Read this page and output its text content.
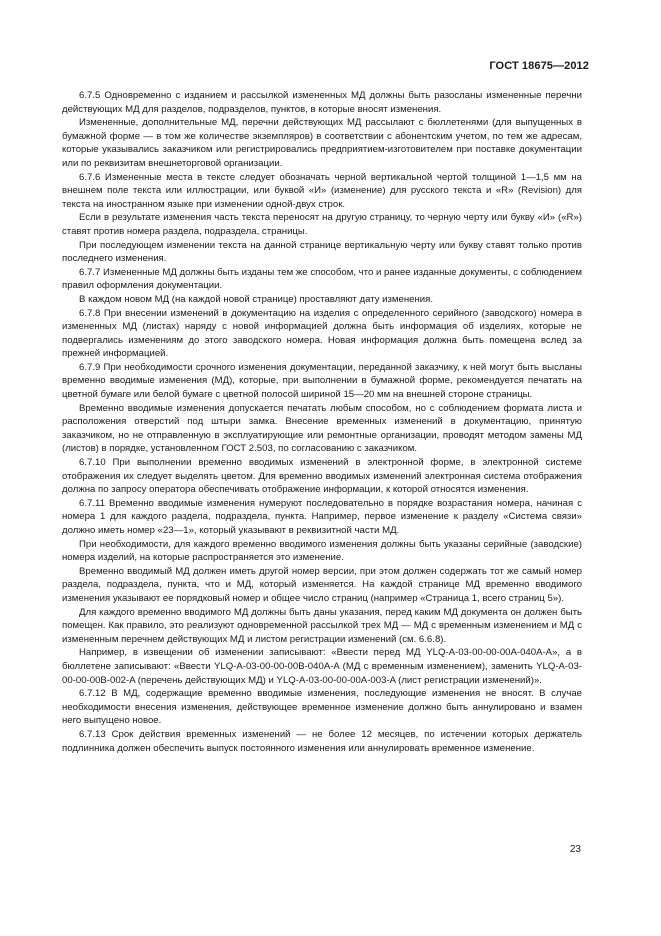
ГОСТ 18675—2012

6.7.5 Одновременно с изданием и рассылкой измененных МД должны быть разосланы измененные перечни действующих МД для разделов, подразделов, пунктов, в которые вносят изменения.

Измененные, дополнительные МД, перечни действующих МД рассылают с бюллетенями (для выпущенных в бумажной форме — в том же количестве экземпляров) в соответствии с абонентским учетом, по тем же адресам, которые указывались заказчиком или регистрировались предприятием-изготовителем при поставке документации или по реквизитам внешнеторговой организации.

6.7.6 Измененные места в тексте следует обозначать черной вертикальной чертой толщиной 1—1,5 мм на внешнем поле текста или иллюстрации, или буквой «И» (изменение) для русского текста и «R» (Revision) для текста на иностранном языке при изменении одной-двух строк.

Если в результате изменения часть текста переносят на другую страницу, то черную черту или букву «И» («R») ставят против номера раздела, подраздела, страницы.

При последующем изменении текста на данной странице вертикальную черту или букву ставят только против последнего изменения.

6.7.7 Измененные МД должны быть изданы тем же способом, что и ранее изданные документы, с соблюдением правил оформления документации.

В каждом новом МД (на каждой новой странице) проставляют дату изменения.

6.7.8 При внесении изменений в документацию на изделия с определенного серийного (заводского) номера в измененных МД (листах) наряду с новой информацией должна быть информация об изделиях, которые не подвергались изменениям до этого заводского номера. Новая информация должна быть помещена вслед за прежней информацией.

6.7.9 При необходимости срочного изменения документации, переданной заказчику, к ней могут быть высланы временно вводимые изменения (МД), которые, при выполнении в бумажной форме, рекомендуется печатать на цветной бумаге или белой бумаге с цветной полосой шириной 15—20 мм на внешней стороне страницы.

Временно вводимые изменения допускается печатать любым способом, но с соблюдением формата листа и расположения отверстий под штыри замка. Внесение временных изменений в документацию, принятую заказчиком, но не отправленную в эксплуатирующие или ремонтные организации, проводят методом замены МД (листов) в порядке, установленном ГОСТ 2.503, по согласованию с заказчиком.

6.7.10 При выполнении временно вводимых изменений в электронной форме, в электронной системе отображения их следует выделять цветом. Для временно вводимых изменений электронная система отображения должна по запросу оператора обеспечивать отображение информации, к которой относятся изменения.

6.7.11 Временно вводимые изменения нумеруют последовательно в порядке возрастания номера, начиная с номера 1 для каждого раздела, подраздела, пункта. Например, первое изменение к разделу «Система связи» должно иметь номер «23—1», который указывают в реквизитной части МД.

При необходимости, для каждого временно вводимого изменения должны быть указаны серийные (заводские) номера изделий, на которые распространяется это изменение.

Временно вводимый МД должен иметь другой номер версии, при этом должен содержать тот же самый номер раздела, подраздела, пункта, что и МД, который изменяется. На каждой странице МД временно вводимого изменения указывают ее порядковый номер и общее число страниц (например «Страница 1, всего страниц 5»).

Для каждого временно вводимого МД должны быть даны указания, перед каким МД документа он должен быть помещен. Как правило, это реализуют одновременной рассылкой трех МД — МД с временным изменением и МД с измененным перечнем действующих МД и листом регистрации изменений (см. 6.6.8).

Например, в извещении об изменении записывают: «Ввести перед МД YLQ-A-03-00-00-00A-040A-A», а в бюллетене записывают: «Ввести YLQ-A-03-00-00-00B-040A-A (МД с временным изменением), заменить YLQ-A-03-00-00-00B-002-A (перечень действующих МД) и YLQ-A-03-00-00-00A-003-A (лист регистрации изменений)».

6.7.12 В МД, содержащие временно вводимые изменения, последующие изменения не вносят. В случае необходимости внесения изменения, действующее временное изменение должно быть аннулировано и взамен него выпущено новое.

6.7.13 Срок действия временных изменений — не более 12 месяцев, по истечении которых держатель подлинника должен обеспечить выпуск постоянного изменения или аннулировать временное изменение.

23
